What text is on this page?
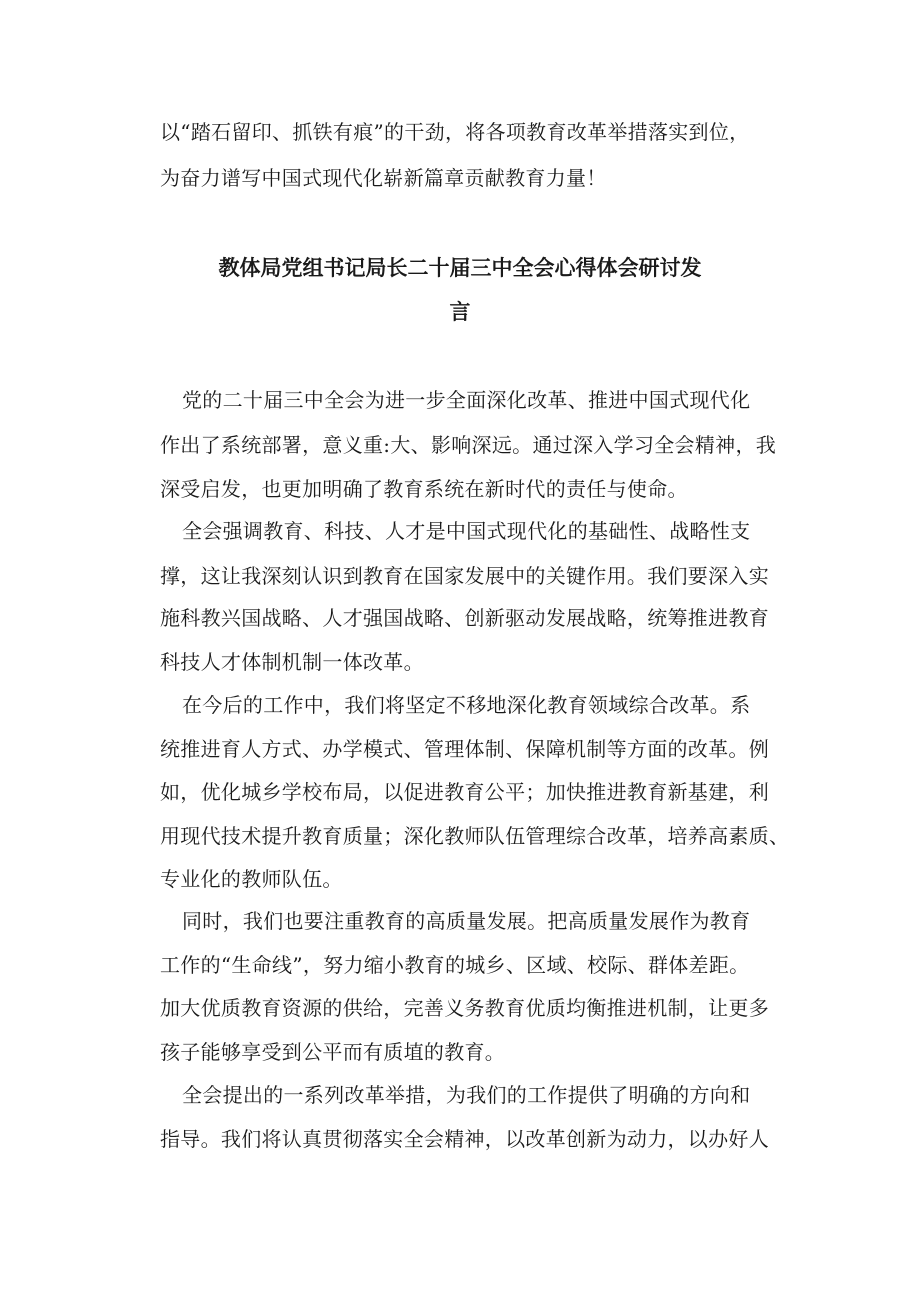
以“踏石留印、抓铁有痕”的干劲，将各项教育改革举措落实到位，
为奋力谱写中国式现代化崭新篇章贡献教育力量！
教体局党组书记局长二十届三中全会心得体会研讨发
言
党的二十届三中全会为进一步全面深化改革、推进中国式现代化
作出了系统部署，意义重:大、影响深远。通过深入学习全会精神，我
深受启发，也更加明确了教育系统在新时代的责任与使命。
全会强调教育、科技、人才是中国式现代化的基础性、战略性支
撑，这让我深刻认识到教育在国家发展中的关键作用。我们要深入实
施科教兴国战略、人才强国战略、创新驱动发展战略，统筹推进教育
科技人才体制机制一体改革。
在今后的工作中，我们将坚定不移地深化教育领域综合改革。系
统推进育人方式、办学模式、管理体制、保障机制等方面的改革。例
如，优化城乡学校布局，以促进教育公平；加快推进教育新基建，利
用现代技术提升教育质量；深化教师队伍管理综合改革，培养高素质、
专业化的教师队伍。
同时，我们也要注重教育的高质量发展。把高质量发展作为教育
工作的“生命线”，努力缩小教育的城乡、区域、校际、群体差距。
加大优质教育资源的供给，完善义务教育优质均衡推进机制，让更多
孩子能够享受到公平而有质埴的教育。
全会提出的一系列改革举措，为我们的工作提供了明确的方向和
指导。我们将认真贯彻落实全会精神，以改革创新为动力，以办好人
